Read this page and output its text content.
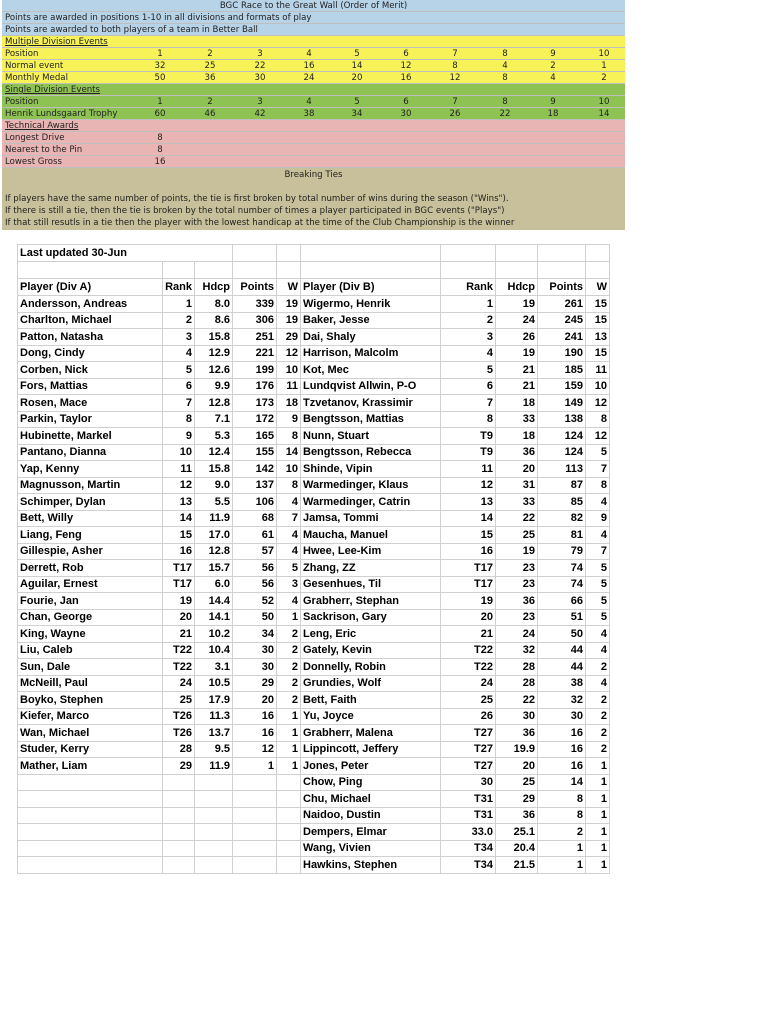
BGC Race to the Great Wall (Order of Merit)
Points are awarded in positions 1-10 in all divisions and formats of play
Points are awarded to both players of a team in Better Ball
Multiple Division Events
Position	1	2	3	4	5	6	7	8	9	10
Normal event	32	25	22	16	14	12	8	4	2	1
Monthly Medal	50	36	30	24	20	16	12	8	4	2
Single Division Events
Position	1	2	3	4	5	6	7	8	9	10
Henrik Lundsgaard Trophy	60	46	42	38	34	30	26	22	18	14
Technical Awards
Longest Drive	8
Nearest to the Pin	8
Lowest Gross	16
Breaking Ties
If players have the same number of points, the tie is first broken by total number of wins during the season ("Wins").
If there is still a tie, then the tie is broken by the total number of times a player participated in BGC events ("Plays")
If that still resutls in a tie then the player with the lowest handicap at the time of the Club Championship is the winner
Last updated 30-Jun									

Player (Div A)	Rank	Hdcp	Points	W	Player (Div B)	Rank	Hdcp	Points	W
Andersson, Andreas	1	8.0	339	19	Wigermo, Henrik	1	19	261	15
Charlton, Michael	2	8.6	306	19	Baker, Jesse	2	24	245	15
Patton, Natasha	3	15.8	251	29	Dai, Shaly	3	26	241	13
Dong, Cindy	4	12.9	221	12	Harrison, Malcolm	4	19	190	15
Corben, Nick	5	12.6	199	10	Kot, Mec	5	21	185	11
Fors, Mattias	6	9.9	176	11	Lundqvist Allwin, P-O	6	21	159	10
Rosen, Mace	7	12.8	173	18	Tzvetanov, Krassimir	7	18	149	12
Parkin, Taylor	8	7.1	172	9	Bengtsson, Mattias	8	33	138	8
Hubinette, Markel	9	5.3	165	8	Nunn, Stuart	T9	18	124	12
Pantano, Dianna	10	12.4	155	14	Bengtsson, Rebecca	T9	36	124	5
Yap, Kenny	11	15.8	142	10	Shinde, Vipin	11	20	113	7
Magnusson, Martin	12	9.0	137	8	Warmedinger, Klaus	12	31	87	8
Schimper, Dylan	13	5.5	106	4	Warmedinger, Catrin	13	33	85	4
Bett, Willy	14	11.9	68	7	Jamsa, Tommi	14	22	82	9
Liang, Feng	15	17.0	61	4	Maucha, Manuel	15	25	81	4
Gillespie, Asher	16	12.8	57	4	Hwee, Lee-Kim	16	19	79	7
Derrett, Rob	T17	15.7	56	5	Zhang, ZZ	T17	23	74	5
Aguilar, Ernest	T17	6.0	56	3	Gesenhues, Til	T17	23	74	5
Fourie, Jan	19	14.4	52	4	Grabherr, Stephan	19	36	66	5
Chan, George	20	14.1	50	1	Sackrison, Gary	20	23	51	5
King, Wayne	21	10.2	34	2	Leng, Eric	21	24	50	4
Liu, Caleb	T22	10.4	30	2	Gately, Kevin	T22	32	44	4
Sun, Dale	T22	3.1	30	2	Donnelly, Robin	T22	28	44	2
McNeill, Paul	24	10.5	29	2	Grundies, Wolf	24	28	38	4
Boyko, Stephen	25	17.9	20	2	Bett, Faith	25	22	32	2
Kiefer, Marco	T26	11.3	16	1	Yu, Joyce	26	30	30	2
Wan, Michael	T26	13.7	16	1	Grabherr, Malena	T27	36	16	2
Studer, Kerry	28	9.5	12	1	Lippincott, Jeffery	T27	19.9	16	2
Mather, Liam	29	11.9	1	1	Jones, Peter	T27	20	16	1
					Chow, Ping	30	25	14	1
					Chu, Michael	T31	29	8	1
					Naidoo, Dustin	T31	36	8	1
					Dempers, Elmar	33.0	25.1	2	1
					Wang, Vivien	T34	20.4	1	1
					Hawkins, Stephen	T34	21.5	1	1
